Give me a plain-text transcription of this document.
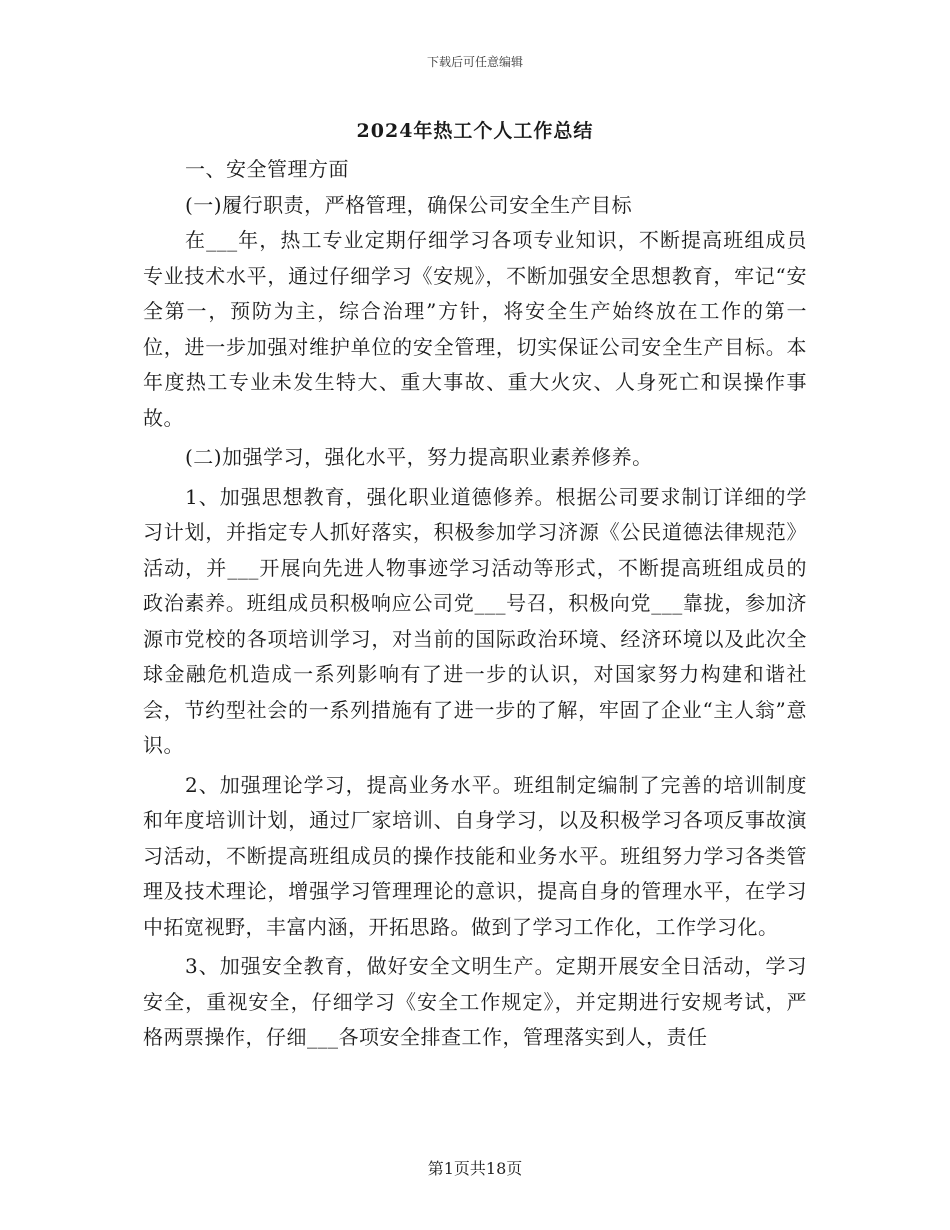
下载后可任意编辑
2024年热工个人工作总结

一、安全管理方面

(一)履行职责，严格管理，确保公司安全生产目标

在___年，热工专业定期仔细学习各项专业知识，不断提高班组成员专业技术水平，通过仔细学习《安规》，不断加强安全思想教育，牢记“安全第一，预防为主，综合治理”方针，将安全生产始终放在工作的第一位，进一步加强对维护单位的安全管理，切实保证公司安全生产目标。本年度热工专业未发生特大、重大事故、重大火灾、人身死亡和误操作事故。

(二)加强学习，强化水平，努力提高职业素养修养。

1、加强思想教育，强化职业道德修养。根据公司要求制订详细的学习计划，并指定专人抓好落实，积极参加学习济源《公民道德法律规范》活动，并___开展向先进人物事迹学习活动等形式，不断提高班组成员的政治素养。班组成员积极响应公司党___号召，积极向党___靠拢，参加济源市党校的各项培训学习，对当前的国际政治环境、经济环境以及此次全球金融危机造成一系列影响有了进一步的认识，对国家努力构建和谐社会，节约型社会的一系列措施有了进一步的了解，牢固了企业“主人翁”意识。

2、加强理论学习，提高业务水平。班组制定编制了完善的培训制度和年度培训计划，通过厂家培训、自身学习，以及积极学习各项反事故演习活动，不断提高班组成员的操作技能和业务水平。班组努力学习各类管理及技术理论，增强学习管理理论的意识，提高自身的管理水平，在学习中拓宽视野，丰富内涵，开拓思路。做到了学习工作化，工作学习化。

3、加强安全教育，做好安全文明生产。定期开展安全日活动，学习安全，重视安全，仔细学习《安全工作规定》，并定期进行安规考试，严格两票操作，仔细___各项安全排查工作，管理落实到人，责任

第1页共18页
